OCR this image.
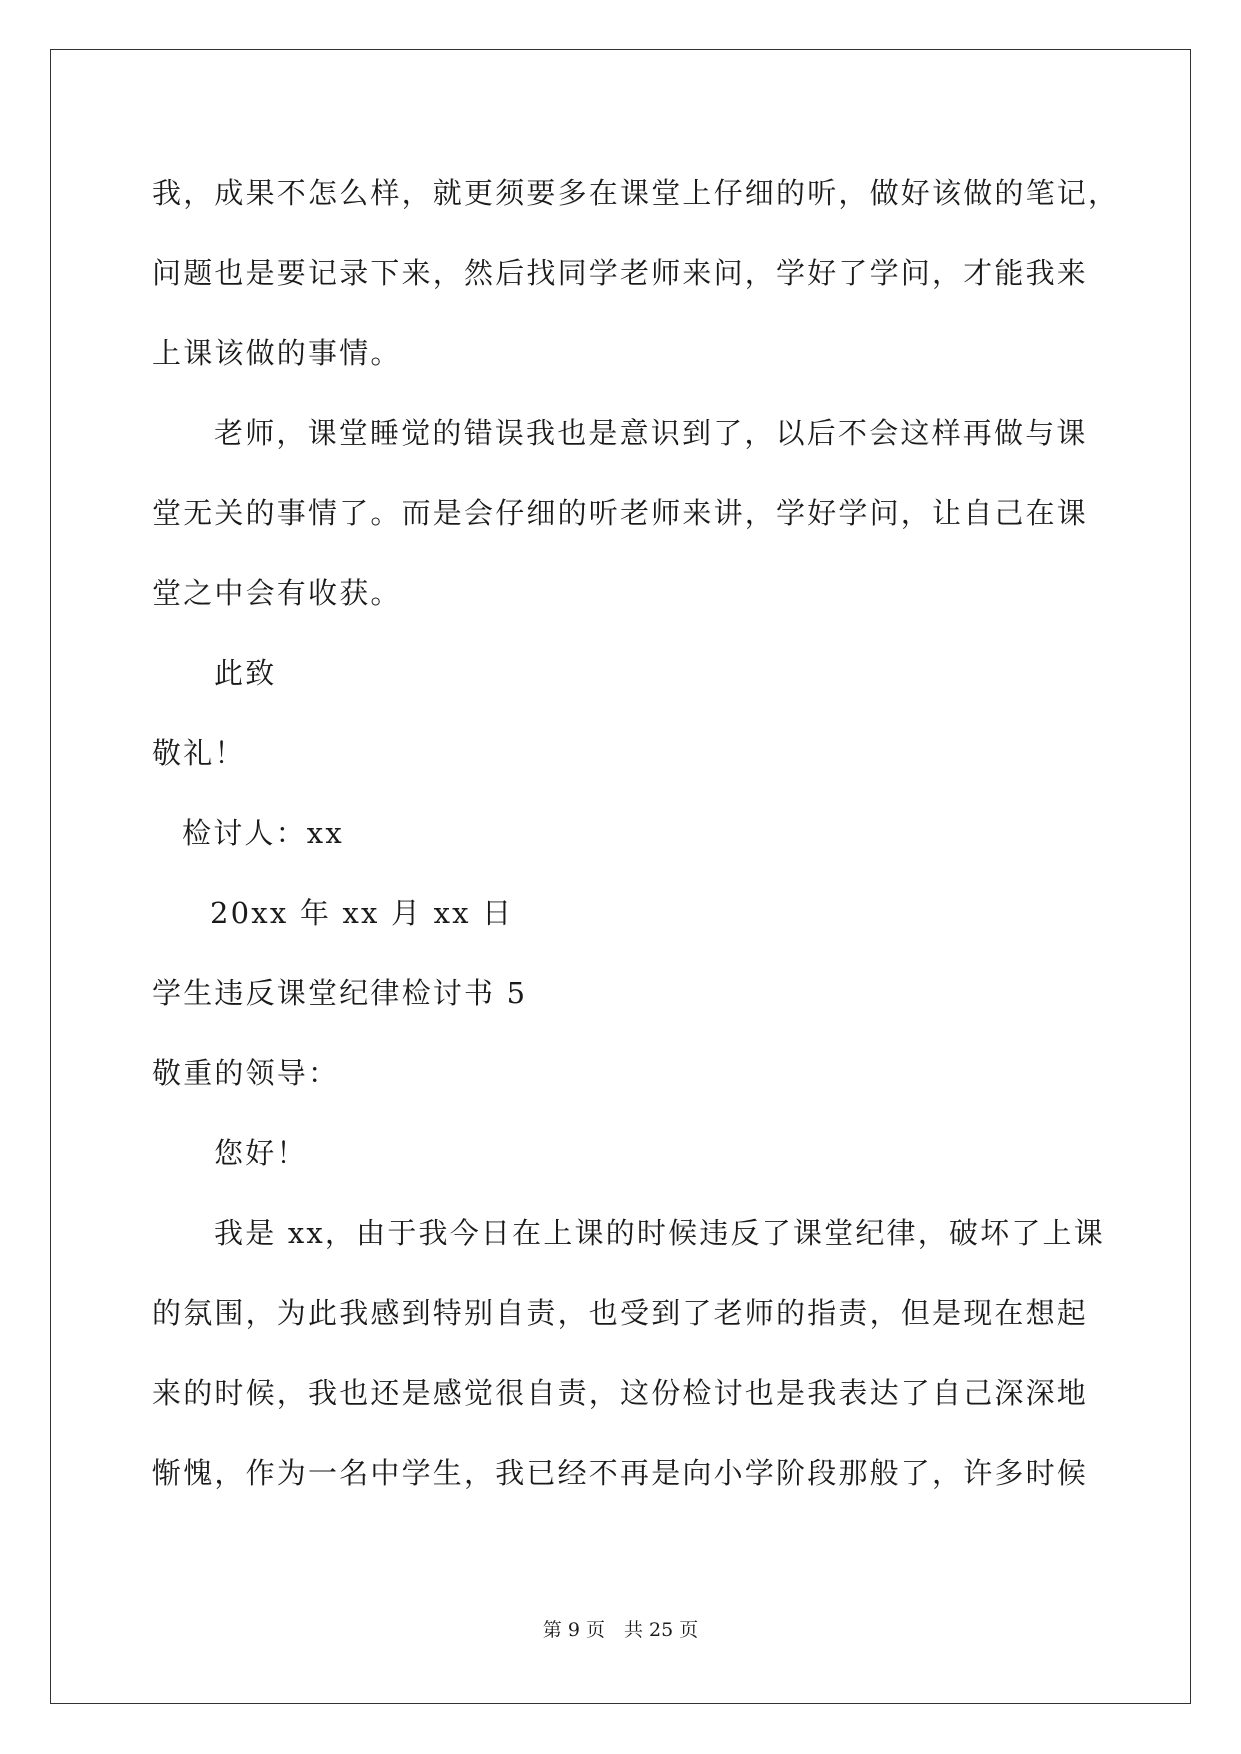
我，成果不怎么样，就更须要多在课堂上仔细的听，做好该做的笔记，
问题也是要记录下来，然后找同学老师来问，学好了学问，才能我来
上课该做的事情。
老师，课堂睡觉的错误我也是意识到了，以后不会这样再做与课
堂无关的事情了。而是会仔细的听老师来讲，学好学问，让自己在课
堂之中会有收获。
此致
敬礼！
检讨人：xx
20xx 年 xx 月 xx 日
学生违反课堂纪律检讨书 5
敬重的领导：
您好！
我是 xx，由于我今日在上课的时候违反了课堂纪律，破坏了上课
的氛围，为此我感到特别自责，也受到了老师的指责，但是现在想起
来的时候，我也还是感觉很自责，这份检讨也是我表达了自己深深地
惭愧，作为一名中学生，我已经不再是向小学阶段那般了，许多时候
第 9 页　共 25 页
